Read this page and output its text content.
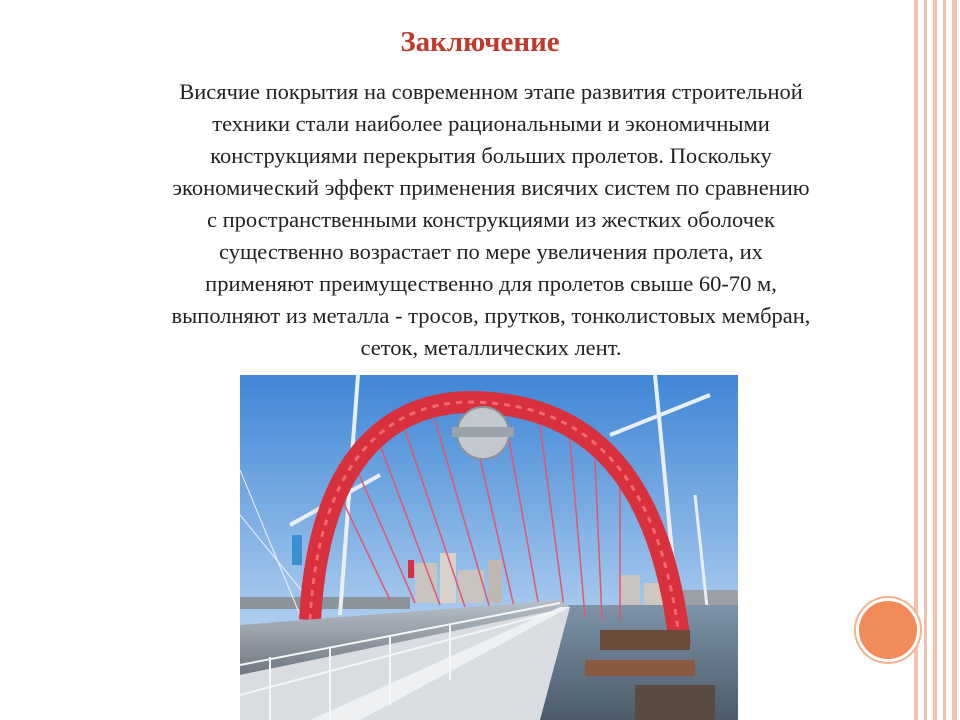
Заключение
Висячие покрытия на современном этапе развития строительной
техники стали наиболее рациональными и экономичными
конструкциями перекрытия больших пролетов. Поскольку
экономический эффект применения висячих систем по сравнению
с пространственными конструкциями из жестких оболочек
существенно возрастает по мере увеличения пролета, их
применяют преимущественно для пролетов свыше 60-70 м,
выполняют из металла - тросов, прутков, тонколистовых мембран,
сеток, металлических лент.
